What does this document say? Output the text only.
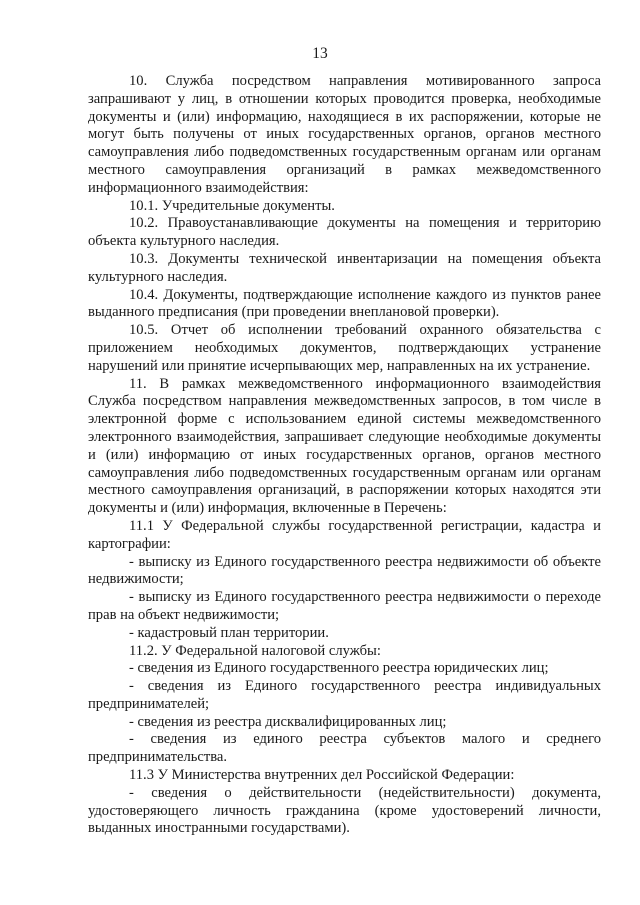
13

10. Служба посредством направления мотивированного запроса запрашивают у лиц, в отношении которых проводится проверка, необходимые документы и (или) информацию, находящиеся в их распоряжении, которые не могут быть получены от иных государственных органов, органов местного самоуправления либо подведомственных государственным органам или органам местного самоуправления организаций в рамках межведомственного информационного взаимодействия:

10.1. Учредительные документы.

10.2. Правоустанавливающие документы на помещения и территорию объекта культурного наследия.

10.3. Документы технической инвентаризации на помещения объекта культурного наследия.

10.4. Документы, подтверждающие исполнение каждого из пунктов ранее выданного предписания (при проведении внеплановой проверки).

10.5. Отчет об исполнении требований охранного обязательства с приложением необходимых документов, подтверждающих устранение нарушений или принятие исчерпывающих мер, направленных на их устранение.

11. В рамках межведомственного информационного взаимодействия Служба посредством направления межведомственных запросов, в том числе в электронной форме с использованием единой системы межведомственного электронного взаимодействия, запрашивает следующие необходимые документы и (или) информацию от иных государственных органов, органов местного самоуправления либо подведомственных государственным органам или органам местного самоуправления организаций, в распоряжении которых находятся эти документы и (или) информация, включенные в Перечень:

11.1 У Федеральной службы государственной регистрации, кадастра и картографии:

- выписку из Единого государственного реестра недвижимости об объекте недвижимости;

- выписку из Единого государственного реестра недвижимости о переходе прав на объект недвижимости;

- кадастровый план территории.

11.2. У Федеральной налоговой службы:

- сведения из Единого государственного реестра юридических лиц;

- сведения из Единого государственного реестра индивидуальных предпринимателей;

- сведения из реестра дисквалифицированных лиц;

- сведения из единого реестра субъектов малого и среднего предпринимательства.

11.3 У Министерства внутренних дел Российской Федерации:

- сведения о действительности (недействительности) документа, удостоверяющего личность гражданина (кроме удостоверений личности, выданных иностранными государствами).
